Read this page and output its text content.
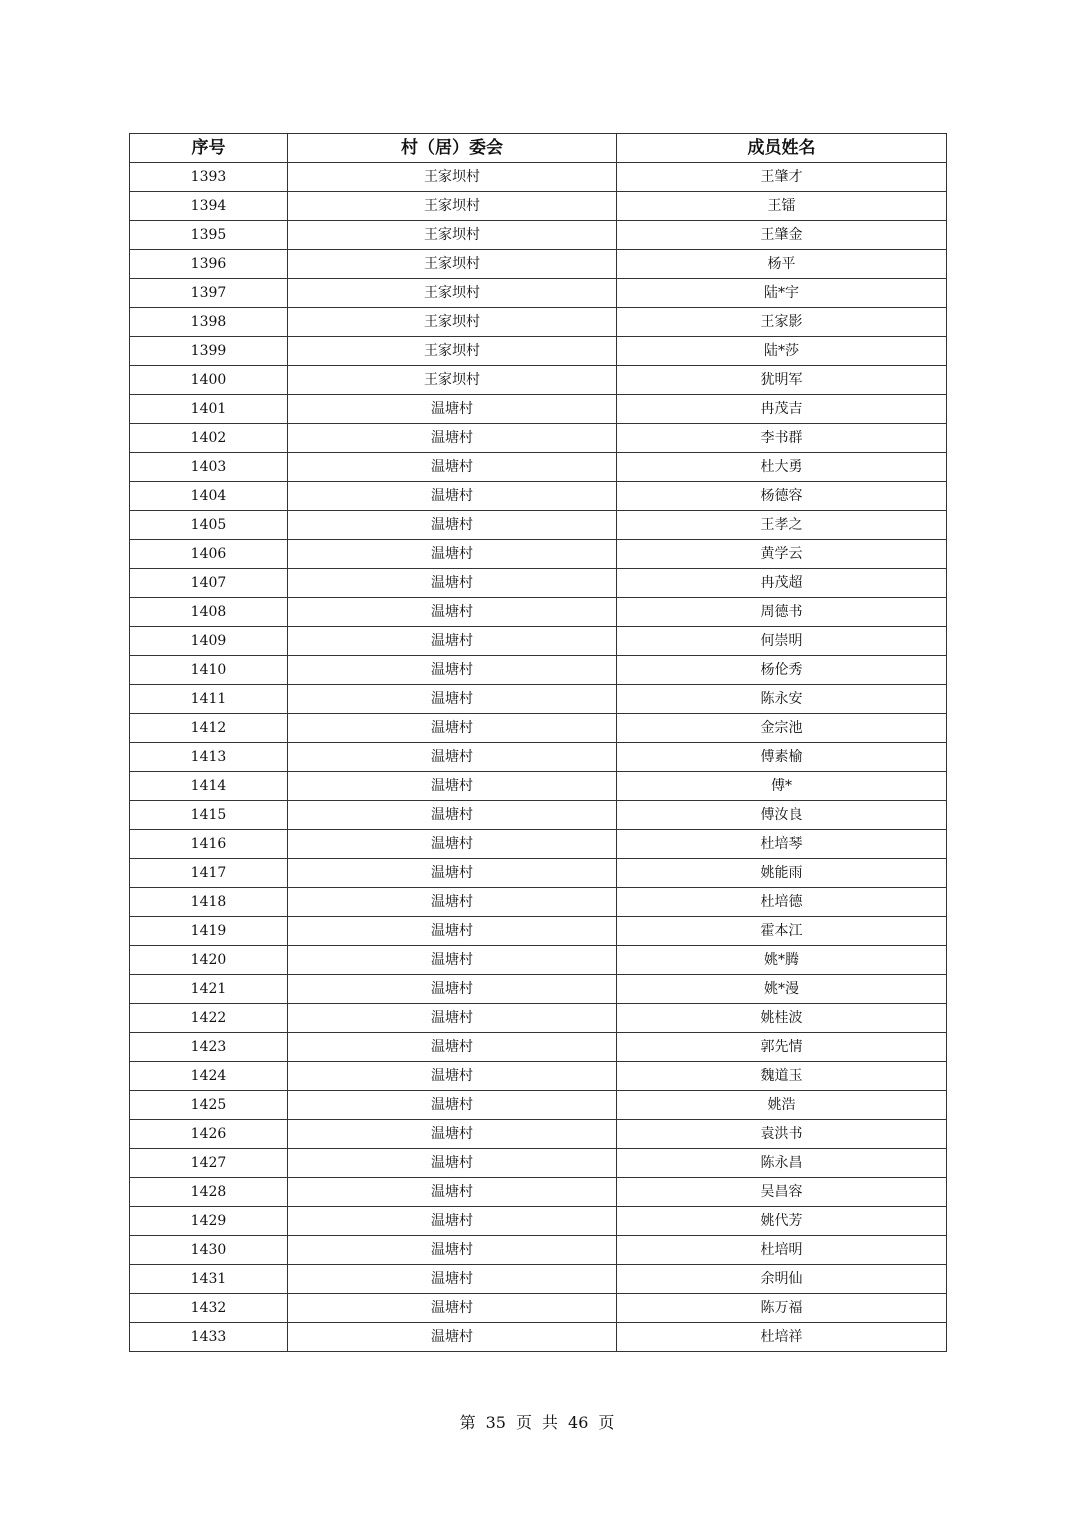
序号	村（居）委会	成员姓名
1393	王家坝村	王肇才
1394	王家坝村	王镭
1395	王家坝村	王肇金
1396	王家坝村	杨平
1397	王家坝村	陆*宇
1398	王家坝村	王家影
1399	王家坝村	陆*莎
1400	王家坝村	犹明军
1401	温塘村	冉茂吉
1402	温塘村	李书群
1403	温塘村	杜大勇
1404	温塘村	杨德容
1405	温塘村	王孝之
1406	温塘村	黄学云
1407	温塘村	冉茂超
1408	温塘村	周德书
1409	温塘村	何崇明
1410	温塘村	杨伦秀
1411	温塘村	陈永安
1412	温塘村	金宗池
1413	温塘村	傅素榆
1414	温塘村	傅*
1415	温塘村	傅汝良
1416	温塘村	杜培琴
1417	温塘村	姚能雨
1418	温塘村	杜培德
1419	温塘村	霍本江
1420	温塘村	姚*腾
1421	温塘村	姚*漫
1422	温塘村	姚桂波
1423	温塘村	郭先情
1424	温塘村	魏道玉
1425	温塘村	姚浩
1426	温塘村	袁洪书
1427	温塘村	陈永昌
1428	温塘村	吴昌容
1429	温塘村	姚代芳
1430	温塘村	杜培明
1431	温塘村	余明仙
1432	温塘村	陈万福
1433	温塘村	杜培祥
第 35 页 共 46 页
